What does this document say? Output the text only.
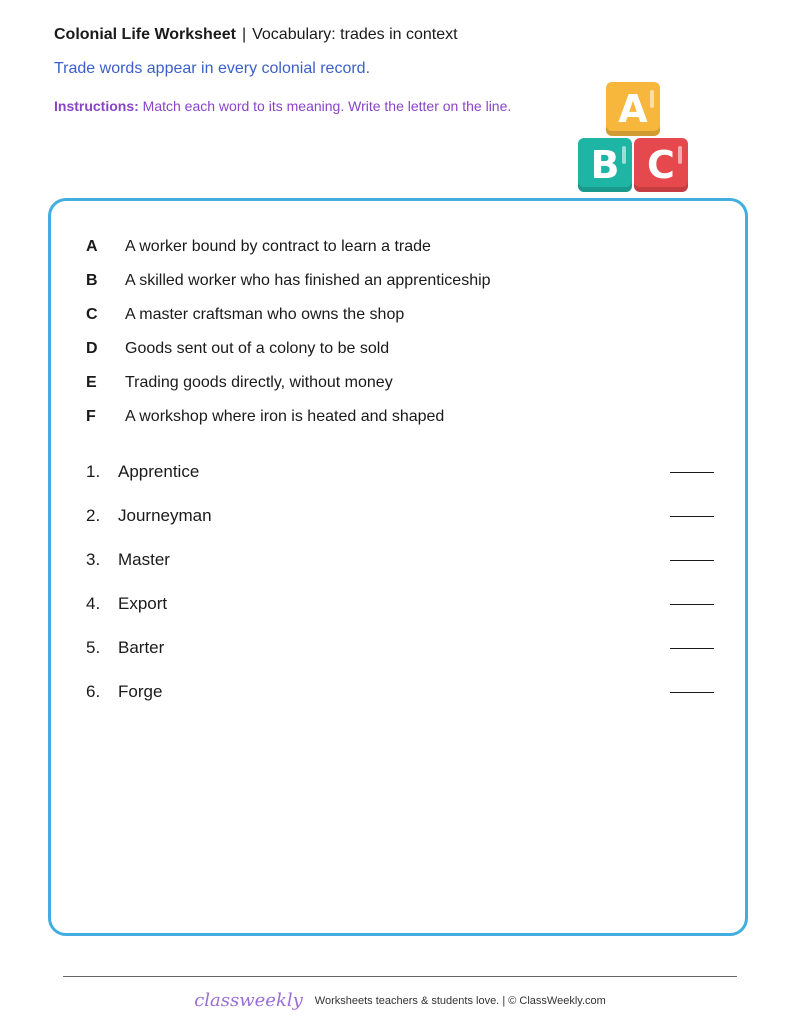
Colonial Life Worksheet | Vocabulary: trades in context
Trade words appear in every colonial record.
Instructions: Match each word to its meaning. Write the letter on the line.	A
B C
A	A worker bound by contract to learn a trade
B	A skilled worker who has finished an apprenticeship
C	A master craftsman who owns the shop
D	Goods sent out of a colony to be sold
E	Trading goods directly, without money
F	A workshop where iron is heated and shaped
1.	Apprentice
2.	Journeyman
3.	Master
4.	Export
5.	Barter
6.	Forge
classweekly Worksheets teachers & students love. | © ClassWeekly.com
